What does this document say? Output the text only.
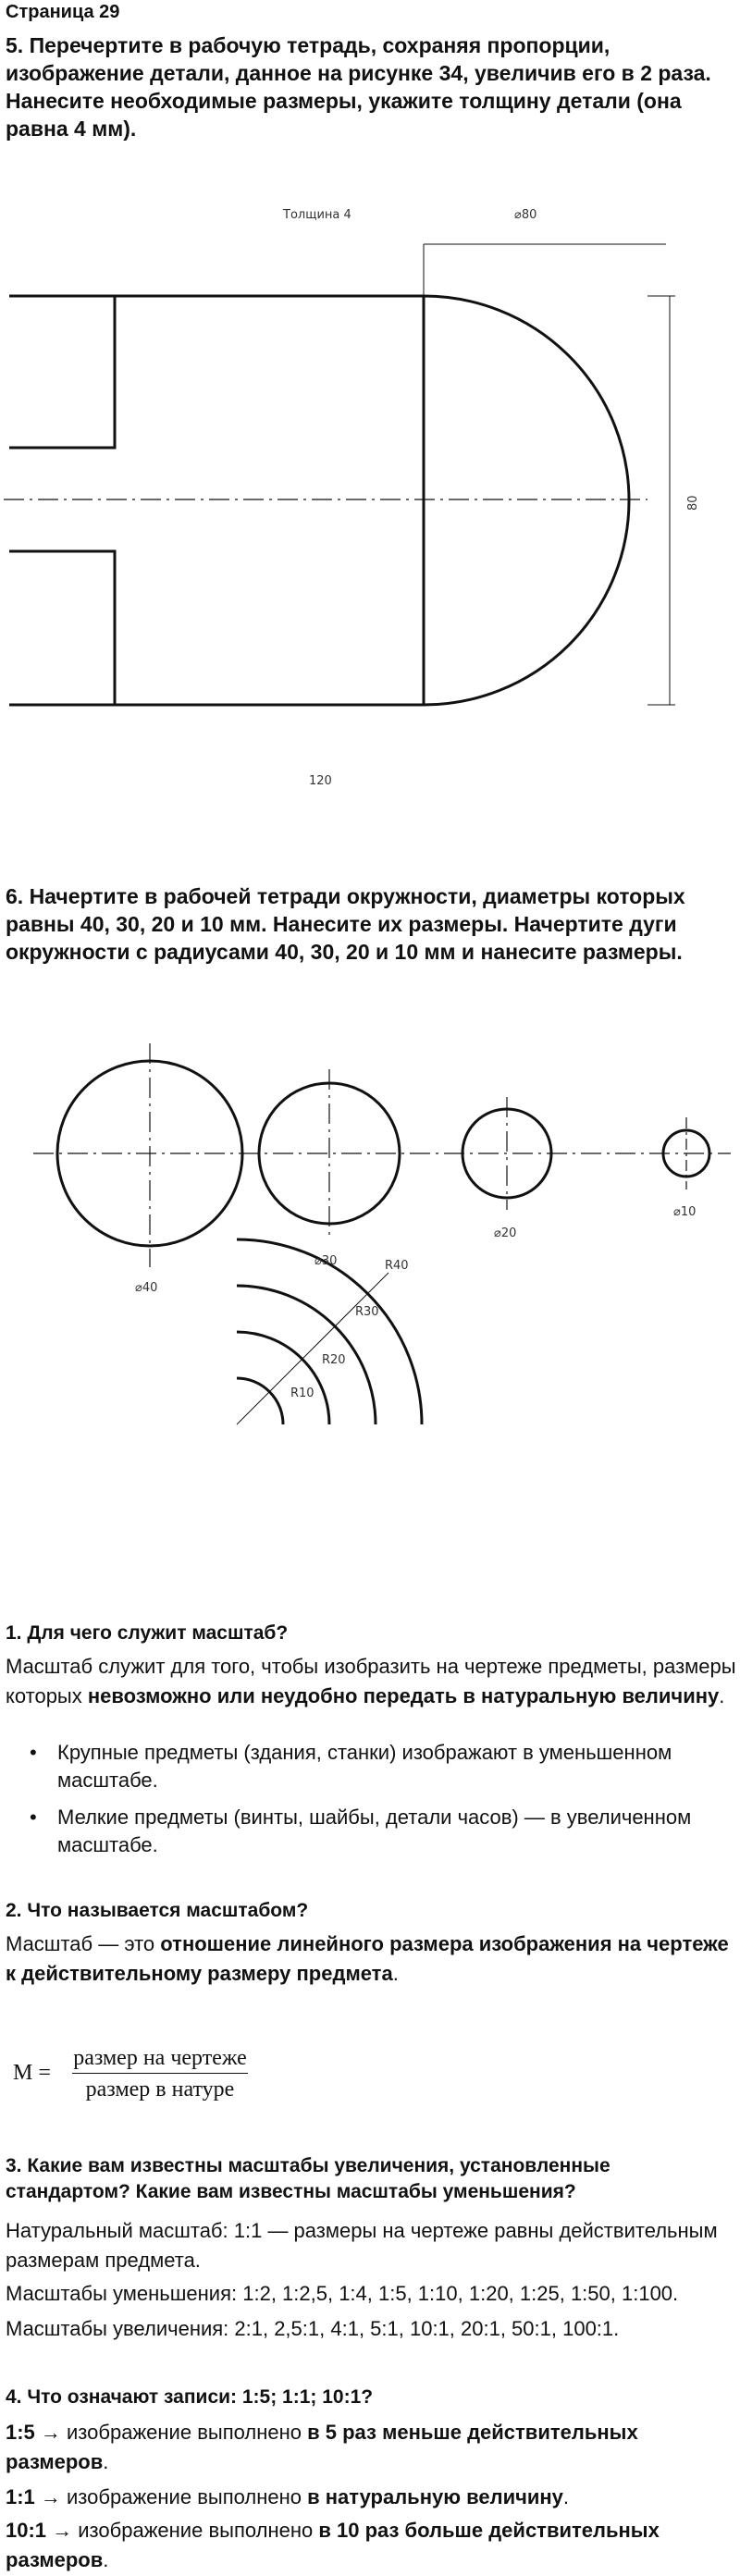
Страница 29
5. Перечертите в рабочую тетрадь, сохраняя пропорции, изображение детали, данное на рисунке 34, увеличив его в 2 раза. Нанесите необходимые размеры, укажите толщину детали (она равна 4 мм).
Толщина 4	⌀80
80
120
6. Начертите в рабочей тетради окружности, диаметры которых равны 40, 30, 20 и 10 мм. Нанесите их размеры. Начертите дуги окружности с радиусами 40, 30, 20 и 10 мм и нанесите размеры.
⌀40
⌀30
⌀20
⌀10
R40
R30
R20
R10
1. Для чего служит масштаб?
Масштаб служит для того, чтобы изобразить на чертеже предметы, размеры которых невозможно или неудобно передать в натуральную величину.
• Крупные предметы (здания, станки) изображают в уменьшенном масштабе.
• Мелкие предметы (винты, шайбы, детали часов) — в увеличенном масштабе.
2. Что называется масштабом?
Масштаб — это отношение линейного размера изображения на чертеже к действительному размеру предмета.
M =
размер на чертеже
размер в натуре
3. Какие вам известны масштабы увеличения, установленные стандартом? Какие вам известны масштабы уменьшения?
Натуральный масштаб: 1:1 — размеры на чертеже равны действительным размерам предмета.
Масштабы уменьшения: 1:2, 1:2,5, 1:4, 1:5, 1:10, 1:20, 1:25, 1:50, 1:100.
Масштабы увеличения: 2:1, 2,5:1, 4:1, 5:1, 10:1, 20:1, 50:1, 100:1.
4. Что означают записи: 1:5; 1:1; 10:1?
1:5 → изображение выполнено в 5 раз меньше действительных размеров.
1:1 → изображение выполнено в натуральную величину.
10:1 → изображение выполнено в 10 раз больше действительных размеров.
